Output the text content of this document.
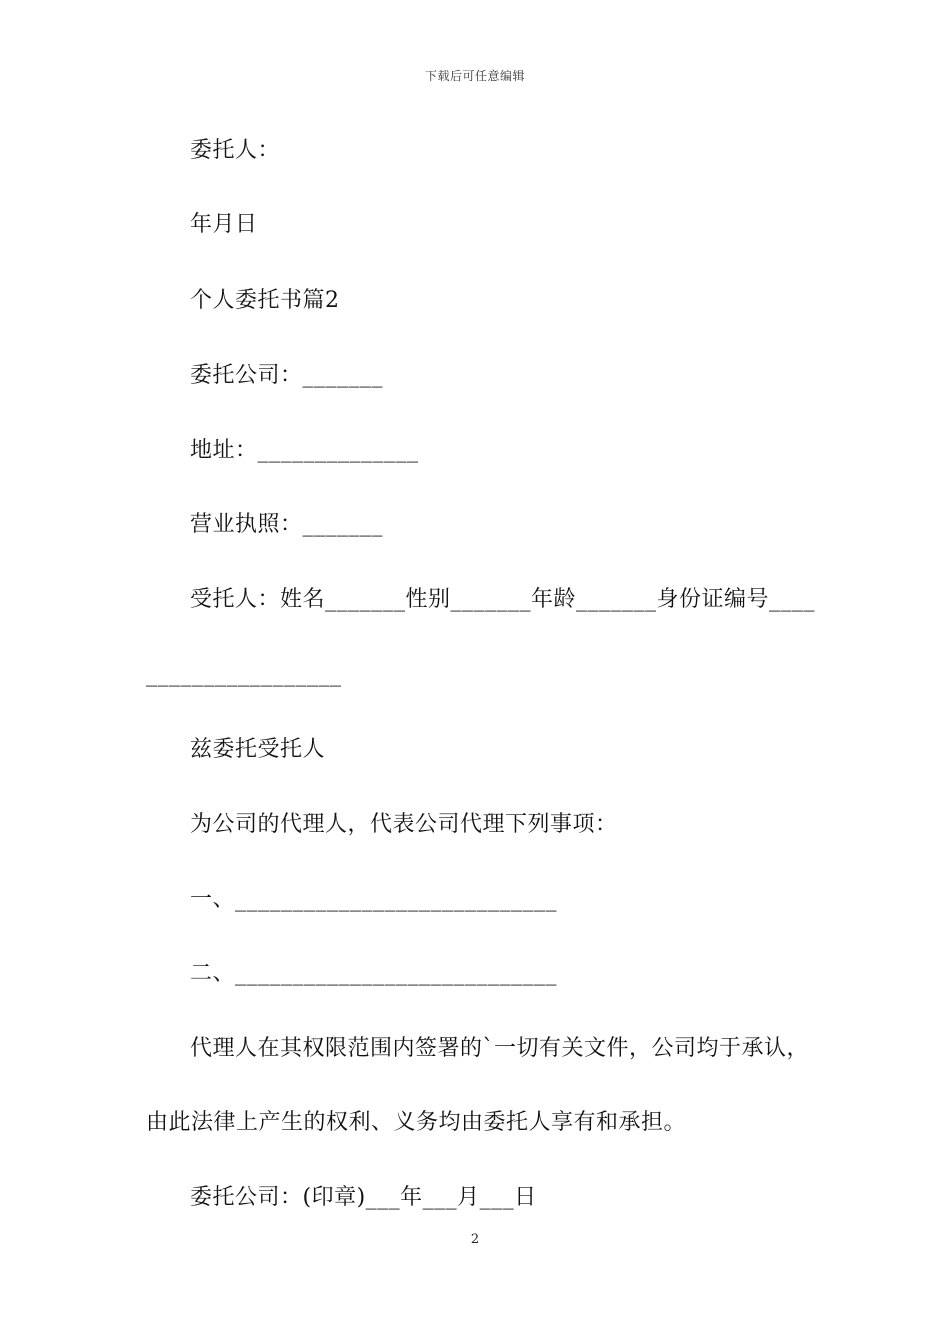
下载后可任意编辑
委托人：
年月日
个人委托书篇2
委托公司：_______
地址：______________
营业执照：_______
受托人：姓名_______性别_______年龄_______身份证编号____
_________________
兹委托受托人
为公司的代理人，代表公司代理下列事项：
一、____________________________
二、____________________________
代理人在其权限范围内签署的`一切有关文件，公司均于承认，
由此法律上产生的权利、义务均由委托人享有和承担。
委托公司：(印章)___年___月___日
2
